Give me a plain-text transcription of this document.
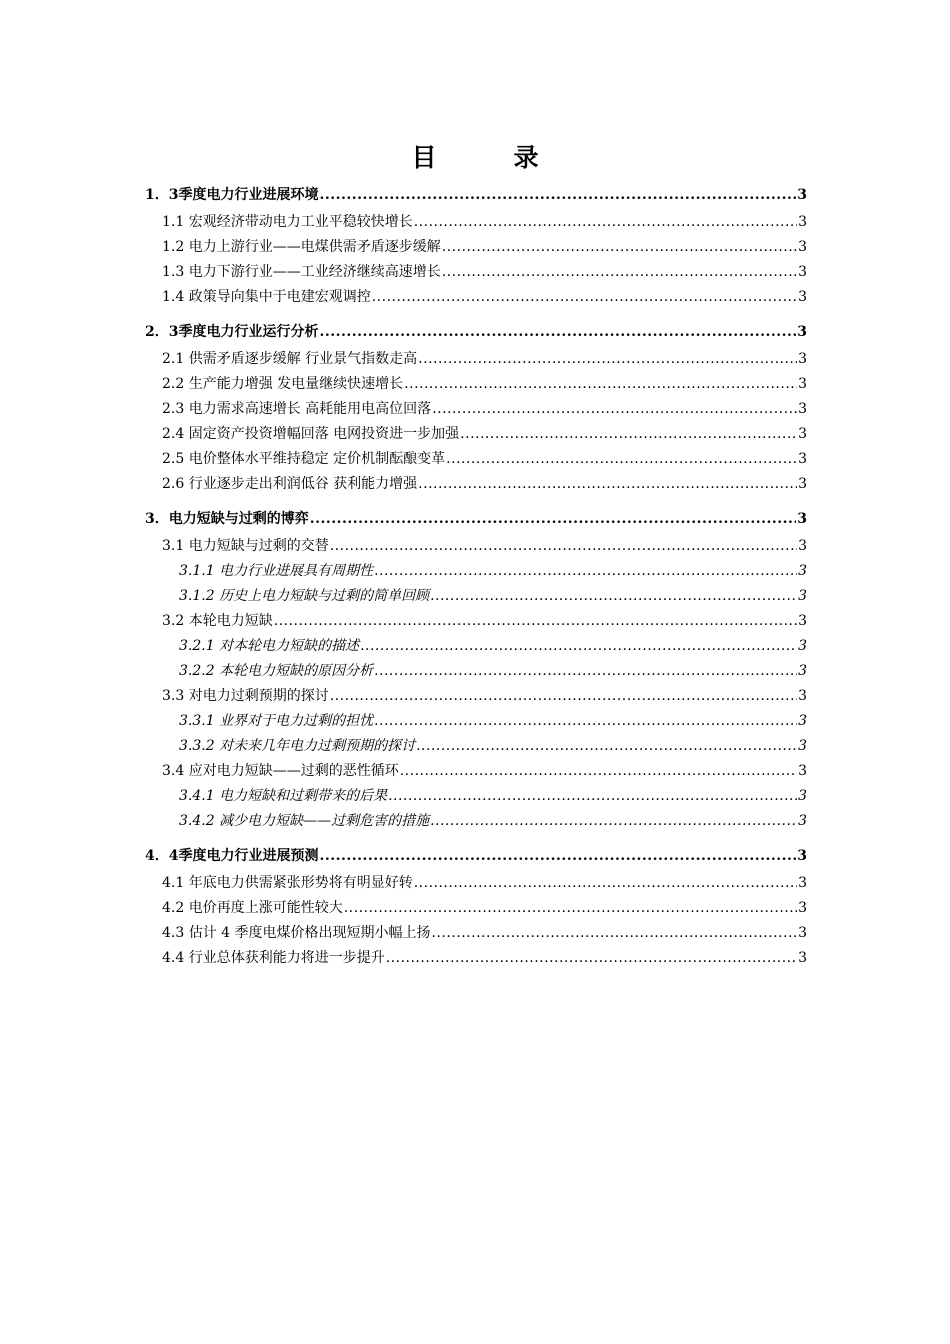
目　录
1．3季度电力行业进展环境 .....	3
1.1 宏观经济带动电力工业平稳较快增长 .....	3
1.2 电力上游行业——电煤供需矛盾逐步缓解 .....	3
1.3 电力下游行业——工业经济继续高速增长 .....	3
1.4 政策导向集中于电建宏观调控 .....	3
2．3季度电力行业运行分析 .....	3
2.1 供需矛盾逐步缓解 行业景气指数走高 .....	3
2.2 生产能力增强 发电量继续快速增长 .....	3
2.3 电力需求高速增长 高耗能用电高位回落 .....	3
2.4 固定资产投资增幅回落 电网投资进一步加强 .....	3
2.5 电价整体水平维持稳定 定价机制酝酿变革 .....	3
2.6 行业逐步走出利润低谷 获利能力增强 .....	3
3．电力短缺与过剩的博弈 .....	3
3.1 电力短缺与过剩的交替 .....	3
3.1.1 电力行业进展具有周期性 .....	3
3.1.2 历史上电力短缺与过剩的简单回顾 .....	3
3.2 本轮电力短缺 .....	3
3.2.1 对本轮电力短缺的描述 .....	3
3.2.2 本轮电力短缺的原因分析 .....	3
3.3 对电力过剩预期的探讨 .....	3
3.3.1 业界对于电力过剩的担忧 .....	3
3.3.2 对未来几年电力过剩预期的探讨 .....	3
3.4 应对电力短缺——过剩的恶性循环 .....	3
3.4.1 电力短缺和过剩带来的后果 .....	3
3.4.2 减少电力短缺——过剩危害的措施 .....	3
4．4季度电力行业进展预测 .....	3
4.1 年底电力供需紧张形势将有明显好转 .....	3
4.2 电价再度上涨可能性较大 .....	3
4.3 估计 4 季度电煤价格出现短期小幅上扬 .....	3
4.4 行业总体获利能力将进一步提升 .....	3
